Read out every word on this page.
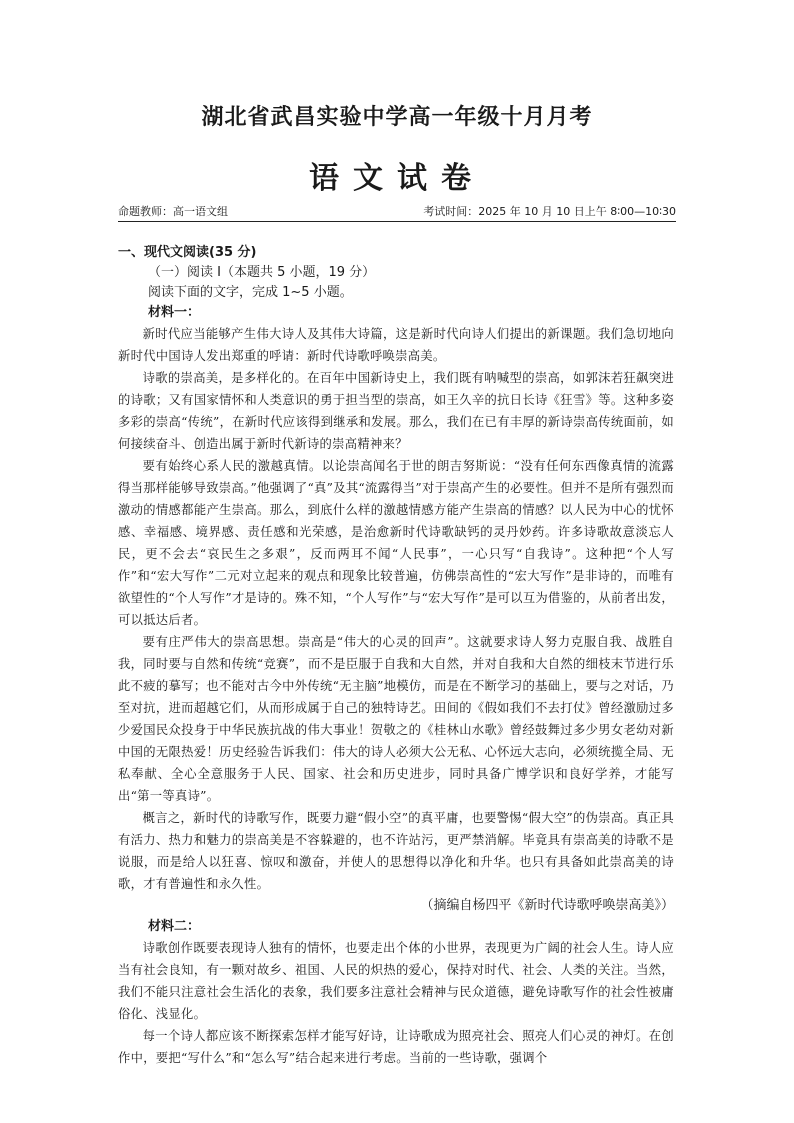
湖北省武昌实验中学高一年级十月月考
语文试卷
命题教师：高一语文组	考试时间：2025 年 10 月 10 日上午 8∶00—10∶30

一、现代文阅读(35 分)

（一）阅读 I（本题共 5 小题，19 分）

阅读下面的文字，完成 1~5 小题。

材料一：

新时代应当能够产生伟大诗人及其伟大诗篇，这是新时代向诗人们提出的新课题。我们急切地向新时代中国诗人发出郑重的呼请：新时代诗歌呼唤崇高美。

诗歌的崇高美，是多样化的。在百年中国新诗史上，我们既有呐喊型的崇高，如郭沫若狂飙突进的诗歌；又有国家情怀和人类意识的勇于担当型的崇高，如王久辛的抗日长诗《狂雪》等。这种多姿多彩的崇高“传统”，在新时代应该得到继承和发展。那么，我们在已有丰厚的新诗崇高传统面前，如何接续奋斗、创造出属于新时代新诗的崇高精神来？

要有始终心系人民的激越真情。以论崇高闻名于世的朗吉努斯说：“没有任何东西像真情的流露得当那样能够导致崇高。”他强调了“真”及其“流露得当”对于崇高产生的必要性。但并不是所有强烈而激动的情感都能产生崇高。那么，到底什么样的激越情感方能产生崇高的情感？以人民为中心的忧怀感、幸福感、境界感、责任感和光荣感，是治愈新时代诗歌缺钙的灵丹妙药。许多诗歌故意淡忘人民，更不会去“哀民生之多艰”，反而两耳不闻“人民事”，一心只写“自我诗”。这种把“个人写作”和“宏大写作”二元对立起来的观点和现象比较普遍，仿佛崇高性的“宏大写作”是非诗的，而唯有欲望性的“个人写作”才是诗的。殊不知，“个人写作”与“宏大写作”是可以互为借鉴的，从前者出发，可以抵达后者。

要有庄严伟大的崇高思想。崇高是“伟大的心灵的回声”。这就要求诗人努力克服自我、战胜自我，同时要与自然和传统“竞赛”，而不是臣服于自我和大自然，并对自我和大自然的细枝末节进行乐此不疲的摹写；也不能对古今中外传统“无主脑”地模仿，而是在不断学习的基础上，要与之对话，乃至对抗，进而超越它们，从而形成属于自己的独特诗艺。田间的《假如我们不去打仗》曾经激励过多少爱国民众投身于中华民族抗战的伟大事业！贺敬之的《桂林山水歌》曾经鼓舞过多少男女老幼对新中国的无限热爱！历史经验告诉我们：伟大的诗人必须大公无私、心怀远大志向，必须统揽全局、无私奉献、全心全意服务于人民、国家、社会和历史进步，同时具备广博学识和良好学养，才能写出“第一等真诗”。

概言之，新时代的诗歌写作，既要力避“假小空”的真平庸，也要警惕“假大空”的伪崇高。真正具有活力、热力和魅力的崇高美是不容躲避的，也不许站污，更严禁消解。毕竟具有崇高美的诗歌不是说服，而是给人以狂喜、惊叹和激奋，并使人的思想得以净化和升华。也只有具备如此崇高美的诗歌，才有普遍性和永久性。

（摘编自杨四平《新时代诗歌呼唤崇高美》）

材料二：

诗歌创作既要表现诗人独有的情怀，也要走出个体的小世界，表现更为广阔的社会人生。诗人应当有社会良知，有一颗对故乡、祖国、人民的炽热的爱心，保持对时代、社会、人类的关注。当然，我们不能只注意社会生活化的表象，我们要多注意社会精神与民众道德，避免诗歌写作的社会性被庸俗化、浅显化。

每一个诗人都应该不断探索怎样才能写好诗，让诗歌成为照亮社会、照亮人们心灵的神灯。在创作中，要把“写什么”和“怎么写”结合起来进行考虑。当前的一些诗歌，强调个
